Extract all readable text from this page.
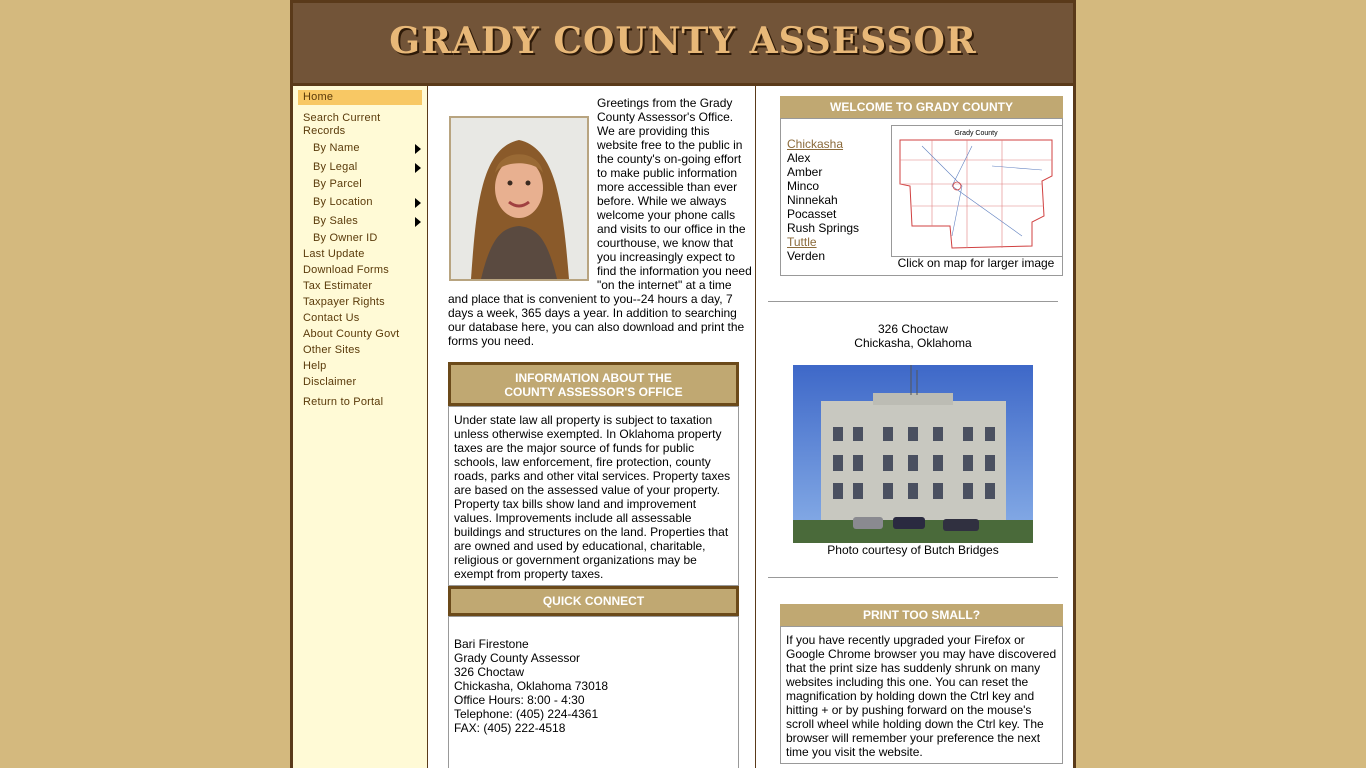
GRADY COUNTY ASSESSOR
Home
Search Current Records
By Name
By Legal
By Parcel
By Location
By Sales
By Owner ID
Last Update
Download Forms
Tax Estimater
Taxpayer Rights
Contact Us
About County Govt
Other Sites
Help
Disclaimer
Return to Portal
Greetings from the Grady County Assessor's Office. We are providing this website free to the public in the county's on-going effort to make public information more accessible than ever before. While we always welcome your phone calls and visits to our office in the courthouse, we know that you increasingly expect to find the information you need "on the internet" at a time and place that is convenient to you--24 hours a day, 7 days a week, 365 days a year. In addition to searching our database here, you can also download and print the forms you need.
INFORMATION ABOUT THE
COUNTY ASSESSOR'S OFFICE
Under state law all property is subject to taxation unless otherwise exempted. In Oklahoma property taxes are the major source of funds for public schools, law enforcement, fire protection, county roads, parks and other vital services. Property taxes are based on the assessed value of your property. Property tax bills show land and improvement values. Improvements include all assessable buildings and structures on the land. Properties that are owned and used by educational, charitable, religious or government organizations may be exempt from property taxes.
QUICK CONNECT
Bari Firestone
Grady County Assessor
326 Choctaw
Chickasha, Oklahoma 73018
Office Hours: 8:00 - 4:30
Telephone: (405) 224-4361
FAX: (405) 222-4518
WELCOME TO GRADY COUNTY
Chickasha
Alex
Amber
Minco
Ninnekah
Pocasset
Rush Springs
Tuttle
Verden
Grady County
Click on map for larger image
326 Choctaw
Chickasha, Oklahoma
Photo courtesy of Butch Bridges
PRINT TOO SMALL?
If you have recently upgraded your Firefox or Google Chrome browser you may have discovered that the print size has suddenly shrunk on many websites including this one. You can reset the magnification by holding down the Ctrl key and hitting + or by pushing forward on the mouse's scroll wheel while holding down the Ctrl key. The browser will remember your preference the next time you visit the website.
